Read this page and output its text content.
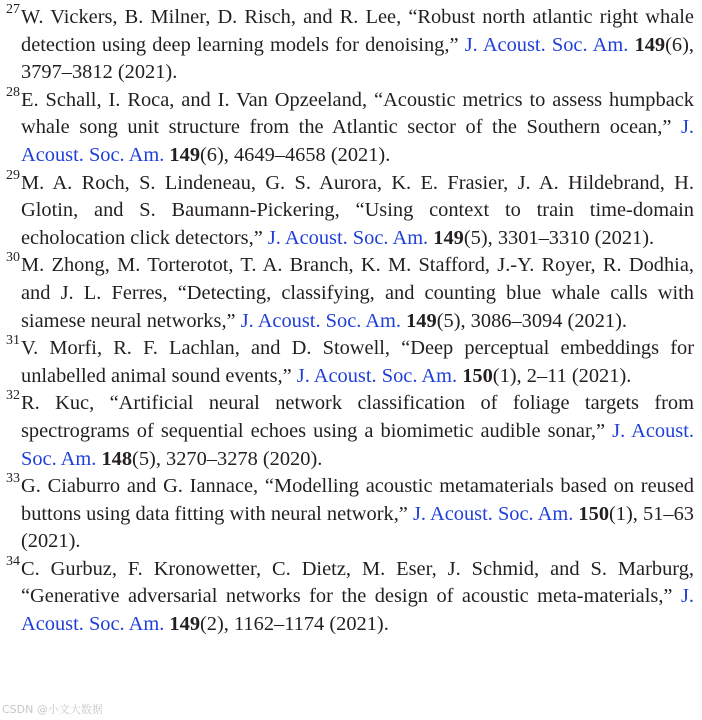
27 W. Vickers, B. Milner, D. Risch, and R. Lee, “Robust north atlantic right whale detection using deep learning models for denoising,” J. Acoust. Soc. Am. 149(6), 3797–3812 (2021).
28 E. Schall, I. Roca, and I. Van Opzeeland, “Acoustic metrics to assess humpback whale song unit structure from the Atlantic sector of the Southern ocean,” J. Acoust. Soc. Am. 149(6), 4649–4658 (2021).
29 M. A. Roch, S. Lindeneau, G. S. Aurora, K. E. Frasier, J. A. Hildebrand, H. Glotin, and S. Baumann-Pickering, “Using context to train time-domain echolocation click detectors,” J. Acoust. Soc. Am. 149(5), 3301–3310 (2021).
30 M. Zhong, M. Torterotot, T. A. Branch, K. M. Stafford, J.-Y. Royer, R. Dodhia, and J. L. Ferres, “Detecting, classifying, and counting blue whale calls with siamese neural networks,” J. Acoust. Soc. Am. 149(5), 3086–3094 (2021).
31 V. Morfi, R. F. Lachlan, and D. Stowell, “Deep perceptual embeddings for unlabelled animal sound events,” J. Acoust. Soc. Am. 150(1), 2–11 (2021).
32 R. Kuc, “Artificial neural network classification of foliage targets from spectrograms of sequential echoes using a biomimetic audible sonar,” J. Acoust. Soc. Am. 148(5), 3270–3278 (2020).
33 G. Ciaburro and G. Iannace, “Modelling acoustic metamaterials based on reused buttons using data fitting with neural network,” J. Acoust. Soc. Am. 150(1), 51–63 (2021).
34 C. Gurbuz, F. Kronowetter, C. Dietz, M. Eser, J. Schmid, and S. Marburg, “Generative adversarial networks for the design of acoustic meta-materials,” J. Acoust. Soc. Am. 149(2), 1162–1174 (2021).
CSDN @小文大数据
